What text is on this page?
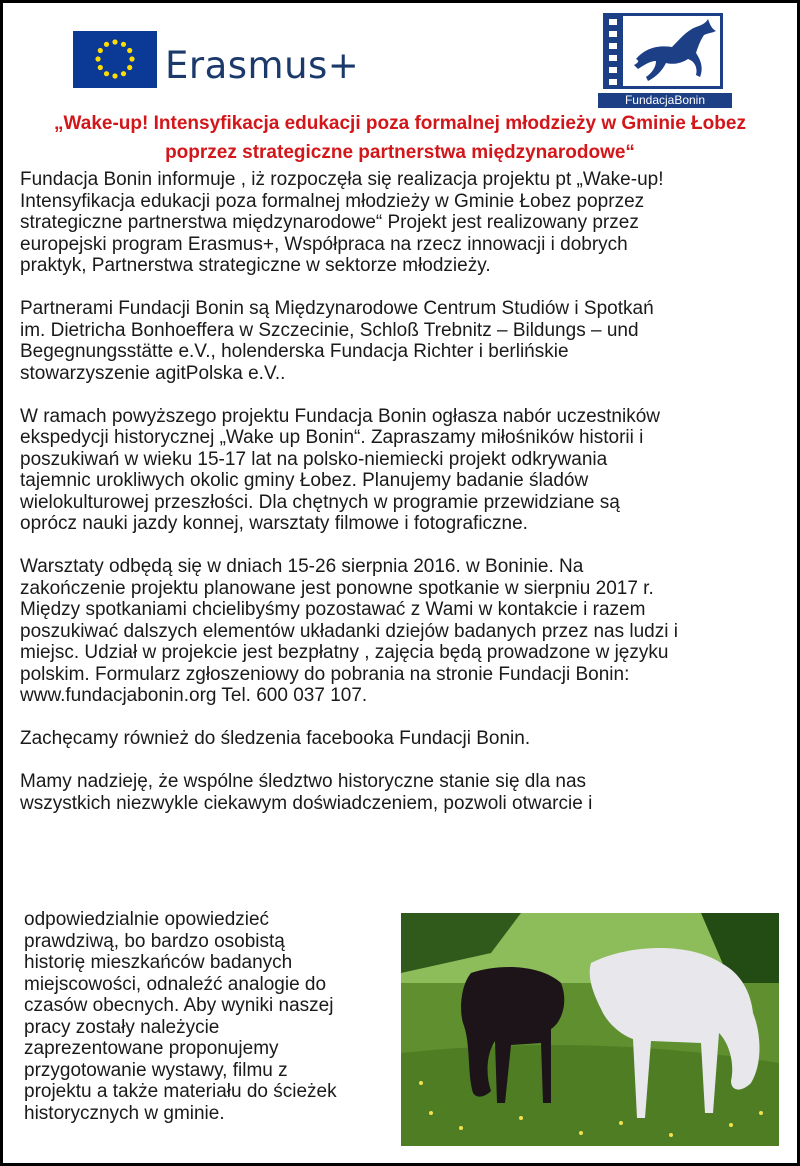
Erasmus+
FundacjaBonin
„Wake-up! Intensyfikacja edukacji poza formalnej młodzieży w Gminie Łobez
poprzez strategiczne partnerstwa międzynarodowe“

Fundacja Bonin informuje , iż rozpoczęła się realizacja projektu pt „Wake-up!
Intensyfikacja edukacji poza formalnej młodzieży w Gminie Łobez poprzez
strategiczne partnerstwa międzynarodowe“ Projekt jest realizowany przez
europejski program Erasmus+, Współpraca na rzecz innowacji i dobrych
praktyk, Partnerstwa strategiczne w sektorze młodzieży.

Partnerami Fundacji Bonin są Międzynarodowe Centrum Studiów i Spotkań
im. Dietricha Bonhoeffera w Szczecinie, Schloß Trebnitz – Bildungs – und
Begegnungsstätte e.V., holenderska Fundacja Richter i berlińskie
stowarzyszenie agitPolska e.V..

W ramach powyższego projektu Fundacja Bonin ogłasza nabór uczestników
ekspedycji historycznej „Wake up Bonin“. Zapraszamy miłośników historii i
poszukiwań w wieku 15-17 lat na polsko-niemiecki projekt odkrywania
tajemnic urokliwych okolic gminy Łobez. Planujemy badanie śladów
wielokulturowej przeszłości. Dla chętnych w programie przewidziane są
oprócz nauki jazdy konnej, warsztaty filmowe i fotograficzne.

Warsztaty odbędą się w dniach 15-26 sierpnia 2016. w Boninie. Na
zakończenie projektu planowane jest ponowne spotkanie w sierpniu 2017 r.
Między spotkaniami chcielibyśmy pozostawać z Wami w kontakcie i razem
poszukiwać dalszych elementów układanki dziejów badanych przez nas ludzi i
miejsc. Udział w projekcie jest bezpłatny , zajęcia będą prowadzone w języku
polskim. Formularz zgłoszeniowy do pobrania na stronie Fundacji Bonin:
www.fundacjabonin.org Tel. 600 037 107.

Zachęcamy również do śledzenia facebooka Fundacji Bonin.

Mamy nadzieję, że wspólne śledztwo historyczne stanie się dla nas
wszystkich niezwykle ciekawym doświadczeniem, pozwoli otwarcie i
odpowiedzialnie opowiedzieć
prawdziwą, bo bardzo osobistą
historię mieszkańców badanych
miejscowości, odnaleźć analogie do
czasów obecnych. Aby wyniki naszej
pracy zostały należycie
zaprezentowane proponujemy
przygotowanie wystawy, filmu z
projektu a także materiału do ścieżek
historycznych w gminie.
